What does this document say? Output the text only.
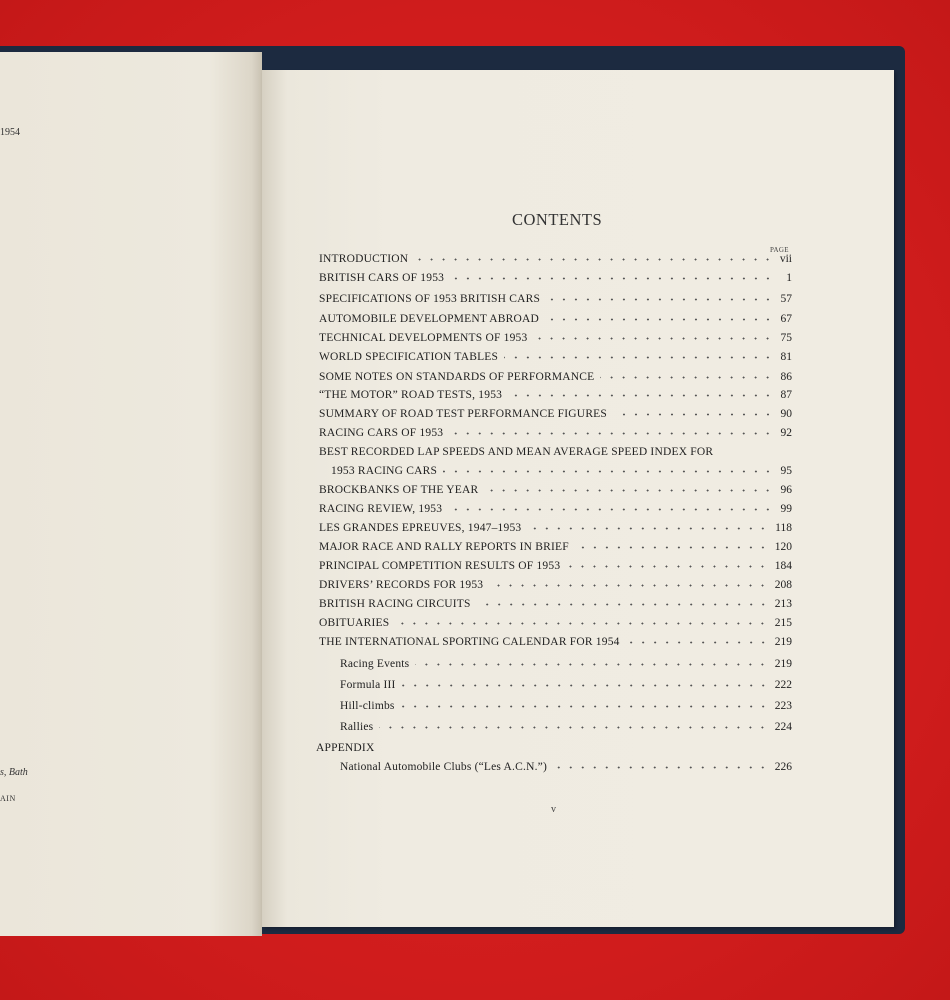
1954
s, Bath
AIN
CONTENTS
PAGE
INTRODUCTION	vii
BRITISH CARS OF 1953	1
SPECIFICATIONS OF 1953 BRITISH CARS	57
AUTOMOBILE DEVELOPMENT ABROAD	67
TECHNICAL DEVELOPMENTS OF 1953	75
WORLD SPECIFICATION TABLES	81
SOME NOTES ON STANDARDS OF PERFORMANCE	86
“THE MOTOR” ROAD TESTS, 1953	87
SUMMARY OF ROAD TEST PERFORMANCE FIGURES	90
RACING CARS OF 1953	92
BEST RECORDED LAP SPEEDS AND MEAN AVERAGE SPEED INDEX FOR
1953 RACING CARS	95
BROCKBANKS OF THE YEAR	96
RACING REVIEW, 1953	99
LES GRANDES EPREUVES, 1947–1953	118
MAJOR RACE AND RALLY REPORTS IN BRIEF	120
PRINCIPAL COMPETITION RESULTS OF 1953	184
DRIVERS’ RECORDS FOR 1953	208
BRITISH RACING CIRCUITS	213
OBITUARIES	215
THE INTERNATIONAL SPORTING CALENDAR FOR 1954	219
Racing Events	219
Formula III	222
Hill-climbs	223
Rallies	224
APPENDIX
National Automobile Clubs (“Les A.C.N.”)	226
v
